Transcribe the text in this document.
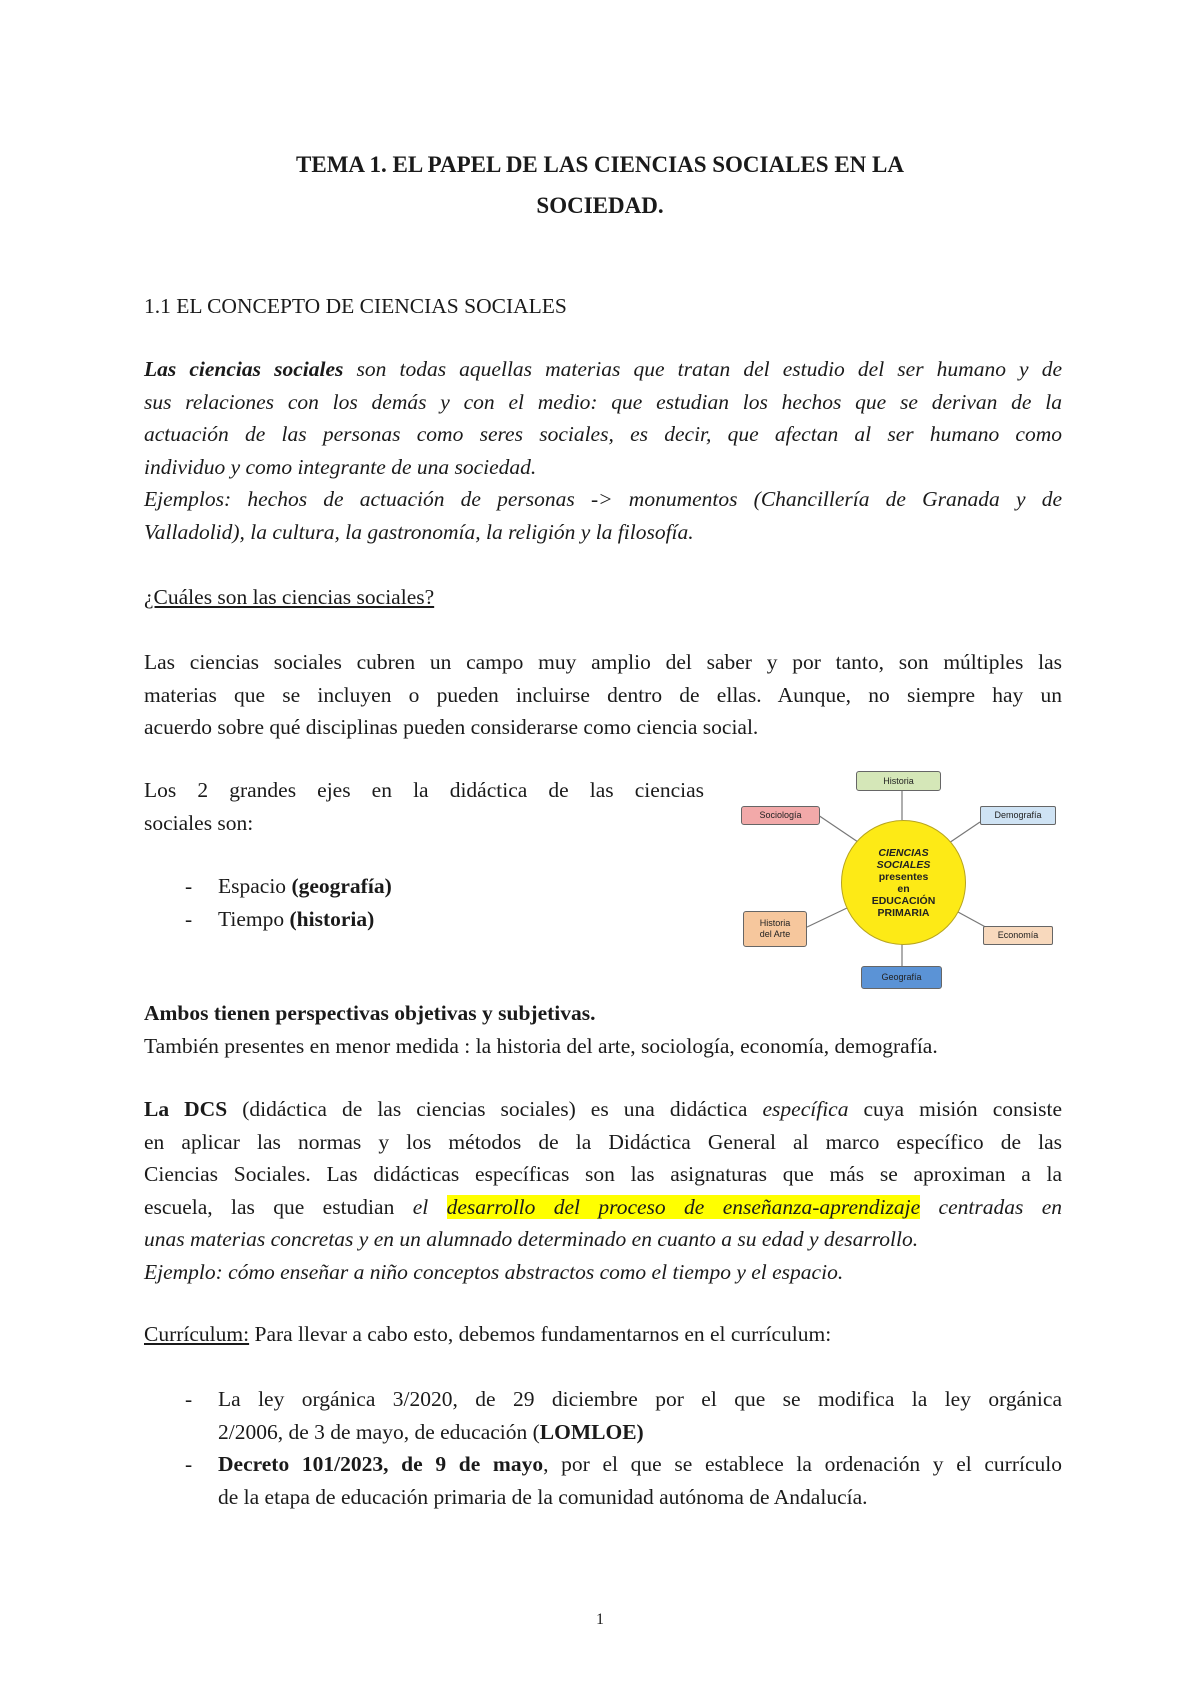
TEMA 1. EL PAPEL DE LAS CIENCIAS SOCIALES EN LA
SOCIEDAD.
1.1 EL CONCEPTO DE CIENCIAS SOCIALES
Las ciencias sociales son todas aquellas materias que tratan del estudio del ser humano y de
sus relaciones con los demás y con el medio: que estudian los hechos que se derivan de la
actuación de las personas como seres sociales, es decir, que afectan al ser humano como
individuo y como integrante de una sociedad.
Ejemplos: hechos de actuación de personas -> monumentos (Chancillería de Granada y de
Valladolid), la cultura, la gastronomía, la religión y la filosofía.
¿Cuáles son las ciencias sociales?
Las ciencias sociales cubren un campo muy amplio del saber y por tanto, son múltiples las
materias que se incluyen o pueden incluirse dentro de ellas. Aunque, no siempre hay un
acuerdo sobre qué disciplinas pueden considerarse como ciencia social.
Los 2 grandes ejes en la didáctica de las ciencias
sociales son:
- Espacio (geografía)
- Tiempo (historia)
Historia
Sociología	Demografía
Historia
del Arte	Economía
Geografía
CIENCIAS
SOCIALES
presentes
en
EDUCACIÓN
PRIMARIA
Ambos tienen perspectivas objetivas y subjetivas.
También presentes en menor medida : la historia del arte, sociología, economía, demografía.
La DCS (didáctica de las ciencias sociales) es una didáctica específica cuya misión consiste
en aplicar las normas y los métodos de la Didáctica General al marco específico de las
Ciencias Sociales. Las didácticas específicas son las asignaturas que más se aproximan a la
escuela, las que estudian el desarrollo del proceso de enseñanza-aprendizaje centradas en
unas materias concretas y en un alumnado determinado en cuanto a su edad y desarrollo.
Ejemplo: cómo enseñar a niño conceptos abstractos como el tiempo y el espacio.
Currículum: Para llevar a cabo esto, debemos fundamentarnos en el currículum:
- La ley orgánica 3/2020, de 29 diciembre por el que se modifica la ley orgánica
2/2006, de 3 de mayo, de educación (LOMLOE)
- Decreto 101/2023, de 9 de mayo, por el que se establece la ordenación y el currículo
de la etapa de educación primaria de la comunidad autónoma de Andalucía.
1
